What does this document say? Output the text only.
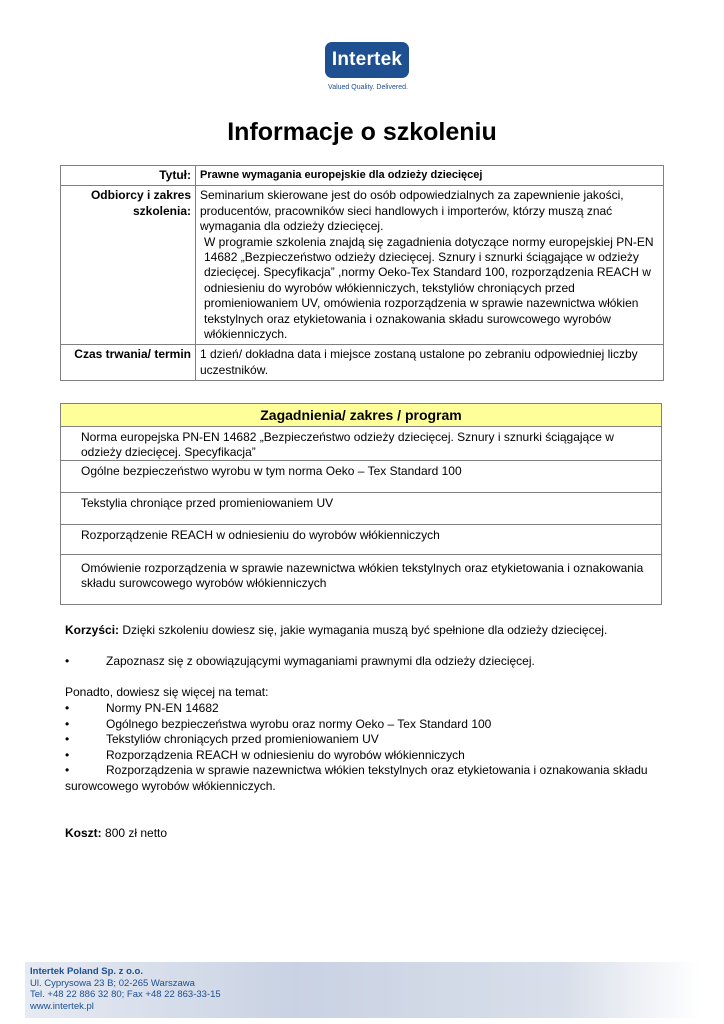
Intertek
Valued Quality. Delivered.
Informacje o szkoleniu
Tytuł:	Prawne wymagania europejskie dla odzieży dziecięcej
Odbiorcy i zakres szkolenia:	Seminarium skierowane jest do osób odpowiedzialnych za zapewnienie jakości, producentów, pracowników sieci handlowych i importerów, którzy muszą znać wymagania dla odzieży dziecięcej.
W programie szkolenia znajdą się zagadnienia dotyczące normy europejskiej PN-EN 14682 „Bezpieczeństwo odzieży dziecięcej. Sznury i sznurki ściągające w odzieży dziecięcej. Specyfikacja” ,normy Oeko-Tex Standard 100, rozporządzenia REACH w odniesieniu do wyrobów włókienniczych, tekstyliów chroniących przed promieniowaniem UV, omówienia rozporządzenia w sprawie nazewnictwa włókien tekstylnych oraz etykietowania i oznakowania składu surowcowego wyrobów włókienniczych.

Czas trwania/ termin	1 dzień/ dokładna data i miejsce zostaną ustalone po zebraniu odpowiedniej liczby uczestników.
Zagadnienia/ zakres / program
Norma europejska PN-EN 14682 „Bezpieczeństwo odzieży dziecięcej. Sznury i sznurki ściągające w odzieży dziecięcej. Specyfikacja”
Ogólne bezpieczeństwo wyrobu w tym norma Oeko – Tex Standard 100
Tekstylia chroniące przed promieniowaniem UV
Rozporządzenie REACH w odniesieniu do wyrobów włókienniczych
Omówienie rozporządzenia w sprawie nazewnictwa włókien tekstylnych oraz etykietowania i oznakowania składu surowcowego wyrobów włókienniczych

Korzyści: Dzięki szkoleniu dowiesz się, jakie wymagania muszą być spełnione dla odzieży dziecięcej.

•	Zapoznasz się z obowiązującymi wymaganiami prawnymi dla odzieży dziecięcej.

Ponadto, dowiesz się więcej na temat:

•	Normy PN-EN 14682
•	Ogólnego bezpieczeństwa wyrobu oraz normy Oeko – Tex Standard 100
•	Tekstyliów chroniących przed promieniowaniem UV
•	Rozporządzenia REACH w odniesieniu do wyrobów włókienniczych
•	Rozporządzenia w sprawie nazewnictwa włókien tekstylnych oraz etykietowania i oznakowania składu

surowcowego wyrobów włókienniczych.

Koszt: 800 zł netto

Intertek Poland Sp. z o.o.
Ul. Cyprysowa 23 B; 02-265 Warszawa
Tel. +48 22 886 32 80; Fax +48 22 863-33-15
www.intertek.pl
